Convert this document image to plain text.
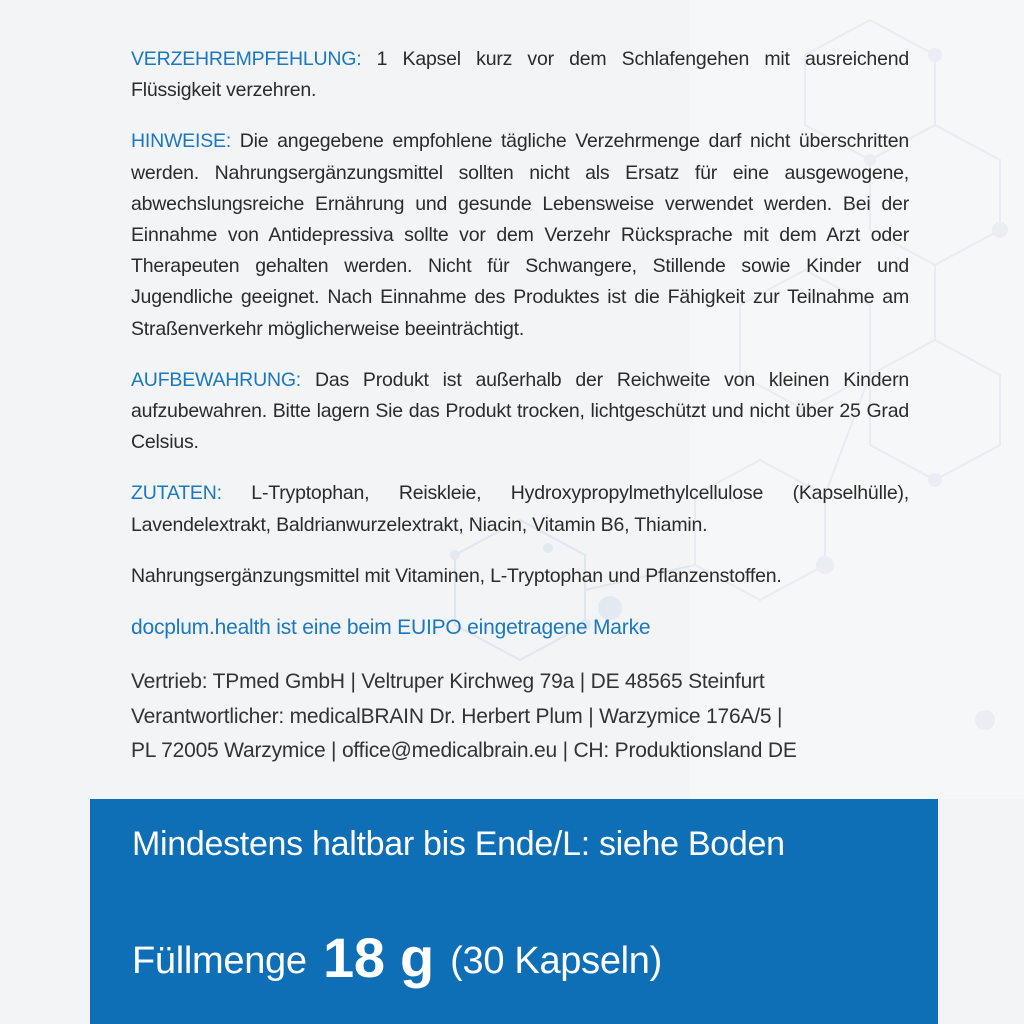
VERZEHREMPFEHLUNG: 1 Kapsel kurz vor dem Schlafengehen mit ausreichend Flüssigkeit verzehren.

HINWEISE: Die angegebene empfohlene tägliche Verzehrmenge darf nicht überschritten werden. Nahrungsergänzungsmittel sollten nicht als Ersatz für eine ausgewogene, abwechslungsreiche Ernährung und gesunde Lebensweise verwendet werden. Bei der Einnahme von Antidepressiva sollte vor dem Verzehr Rücksprache mit dem Arzt oder Therapeuten gehalten werden. Nicht für Schwangere, Stillende sowie Kinder und Jugendliche geeignet. Nach Einnahme des Produktes ist die Fähigkeit zur Teilnahme am Straßenverkehr möglicherweise beeinträchtigt.

AUFBEWAHRUNG: Das Produkt ist außerhalb der Reichweite von kleinen Kindern aufzubewahren. Bitte lagern Sie das Produkt trocken, lichtgeschützt und nicht über 25 Grad Celsius.

ZUTATEN: L-Tryptophan, Reiskleie, Hydroxypropylmethylcellulose (Kapselhülle), Lavendelextrakt, Baldrianwurzelextrakt, Niacin, Vitamin B6, Thiamin.

Nahrungsergänzungsmittel mit Vitaminen, L-Tryptophan und Pflanzenstoffen.

docplum.health ist eine beim EUIPO eingetragene Marke

Vertrieb: TPmed GmbH | Veltruper Kirchweg 79a | DE 48565 Steinfurt
Verantwortlicher: medicalBRAIN Dr. Herbert Plum | Warzymice 176A/5 |
PL 72005 Warzymice | office@medicalbrain.eu | CH: Produktionsland DE
Mindestens haltbar bis Ende/L: siehe Boden
Füllmenge 18 g (30 Kapseln)
